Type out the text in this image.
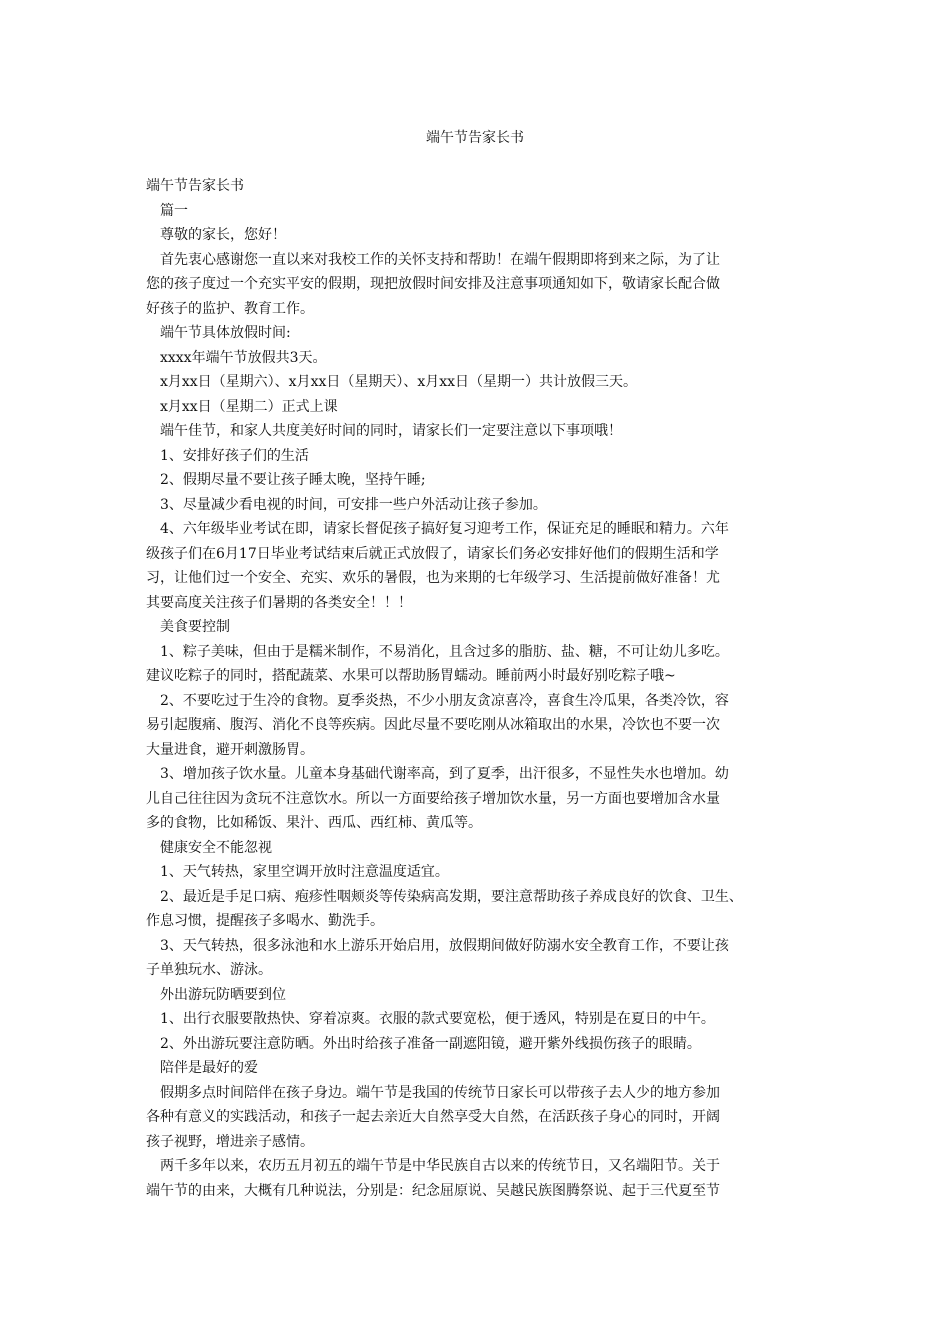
端午节告家长书
端午节告家长书
篇一
尊敬的家长，您好！
首先衷心感谢您一直以来对我校工作的关怀支持和帮助！在端午假期即将到来之际，为了让
您的孩子度过一个充实平安的假期，现把放假时间安排及注意事项通知如下，敬请家长配合做
好孩子的监护、教育工作。
端午节具体放假时间:
xxxx年端午节放假共3天。
x月xx日（星期六）、x月xx日（星期天）、x月xx日（星期一）共计放假三天。
x月xx日（星期二）正式上课
端午佳节，和家人共度美好时间的同时，请家长们一定要注意以下事项哦！
1、安排好孩子们的生活
2、假期尽量不要让孩子睡太晚，坚持午睡;
3、尽量减少看电视的时间，可安排一些户外活动让孩子参加。
4、六年级毕业考试在即，请家长督促孩子搞好复习迎考工作，保证充足的睡眠和精力。六年
级孩子们在6月17日毕业考试结束后就正式放假了，请家长们务必安排好他们的假期生活和学
习，让他们过一个安全、充实、欢乐的暑假，也为来期的七年级学习、生活提前做好准备！尤
其要高度关注孩子们暑期的各类安全！！！
美食要控制
1、粽子美味，但由于是糯米制作，不易消化，且含过多的脂肪、盐、糖，不可让幼儿多吃。
建议吃粽子的同时，搭配蔬菜、水果可以帮助肠胃蠕动。睡前两小时最好别吃粽子哦~
2、不要吃过于生冷的食物。夏季炎热，不少小朋友贪凉喜冷，喜食生冷瓜果，各类冷饮，容
易引起腹痛、腹泻、消化不良等疾病。因此尽量不要吃刚从冰箱取出的水果，冷饮也不要一次
大量进食，避开刺激肠胃。
3、增加孩子饮水量。儿童本身基础代谢率高，到了夏季，出汗很多，不显性失水也增加。幼
儿自己往往因为贪玩不注意饮水。所以一方面要给孩子增加饮水量，另一方面也要增加含水量
多的食物，比如稀饭、果汁、西瓜、西红柿、黄瓜等。
健康安全不能忽视
1、天气转热，家里空调开放时注意温度适宜。
2、最近是手足口病、疱疹性咽颊炎等传染病高发期，要注意帮助孩子养成良好的饮食、卫生、
作息习惯，提醒孩子多喝水、勤洗手。
3、天气转热，很多泳池和水上游乐开始启用，放假期间做好防溺水安全教育工作，不要让孩
子单独玩水、游泳。
外出游玩防晒要到位
1、出行衣服要散热快、穿着凉爽。衣服的款式要宽松，便于透风，特别是在夏日的中午。
2、外出游玩要注意防晒。外出时给孩子准备一副遮阳镜，避开紫外线损伤孩子的眼睛。
陪伴是最好的爱
假期多点时间陪伴在孩子身边。端午节是我国的传统节日家长可以带孩子去人少的地方参加
各种有意义的实践活动，和孩子一起去亲近大自然享受大自然，在活跃孩子身心的同时，开阔
孩子视野，增进亲子感情。
两千多年以来，农历五月初五的端午节是中华民族自古以来的传统节日，又名端阳节。关于
端午节的由来，大概有几种说法，分别是：纪念屈原说、吴越民族图腾祭说、起于三代夏至节
